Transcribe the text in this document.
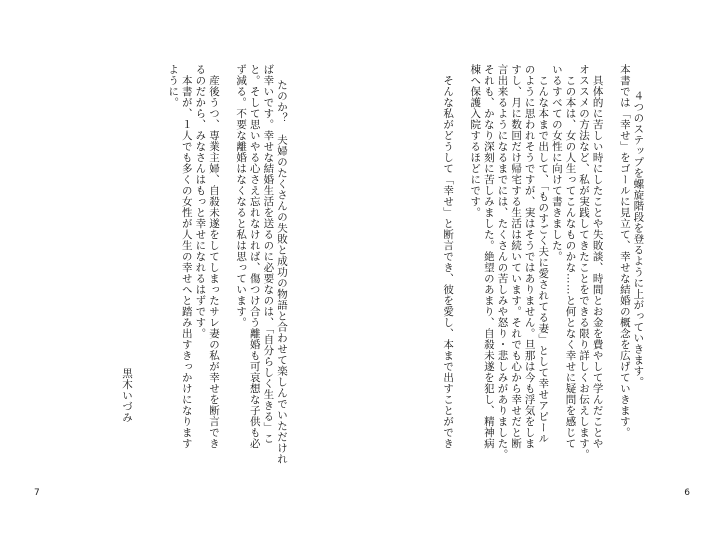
　４つのステップを螺旋階段を登るように上がっていきます。
本書では「幸せ」をゴールに見立て、幸せな結婚の概念を広げていきます。

　具体的に苦しい時にしたことや失敗談、時間とお金を費やして学んだことや
オススメの方法など、私が実践してきたことをできる限り詳しくお伝えします。
　この本は、女の人生ってこんなものかな……と何となく幸せに疑問を感じて
いるすべての女性に向けて書きました。
　こんな本まで出して、「ものすごく夫に愛されてる妻」として幸せアピール
のように思われそうですが、実はそうではありません。旦那は今も浮気をしま
すし、月に数回だけ帰宅する生活は続いています。それでも心から幸せだと断
言出来るようになるまでには、たくさんの苦しみや怒り・悲しみがありました。
それも、かなり深刻に苦しみました。絶望のあまり、自殺未遂を犯し、精神病
棟へ保護入院するほどにです。

　そんな私がどうして「幸せ」と断言でき、彼を愛し、本まで出すことができ

たのか？　夫婦のたくさんの失敗と成功の物語と合わせて楽しんでいただけれ
ば幸いです。幸せな結婚生活を送るのに必要なのは、「自分らしく生きる」こ
と。そして思いやる心さえ忘れなければ、傷つけ合う離婚も可哀想な子供も必
ず減る。不要な離婚はなくなると私は思っています。

　産後うつ、専業主婦、自殺未遂をしてしまったサレ妻の私が幸せを断言でき
るのだから、みなさんはもっと幸せになれるはずです。
　本書が、１人でも多くの女性が人生の幸せへと踏み出すきっかけになります
ように。

黒木いづみ
7	6
